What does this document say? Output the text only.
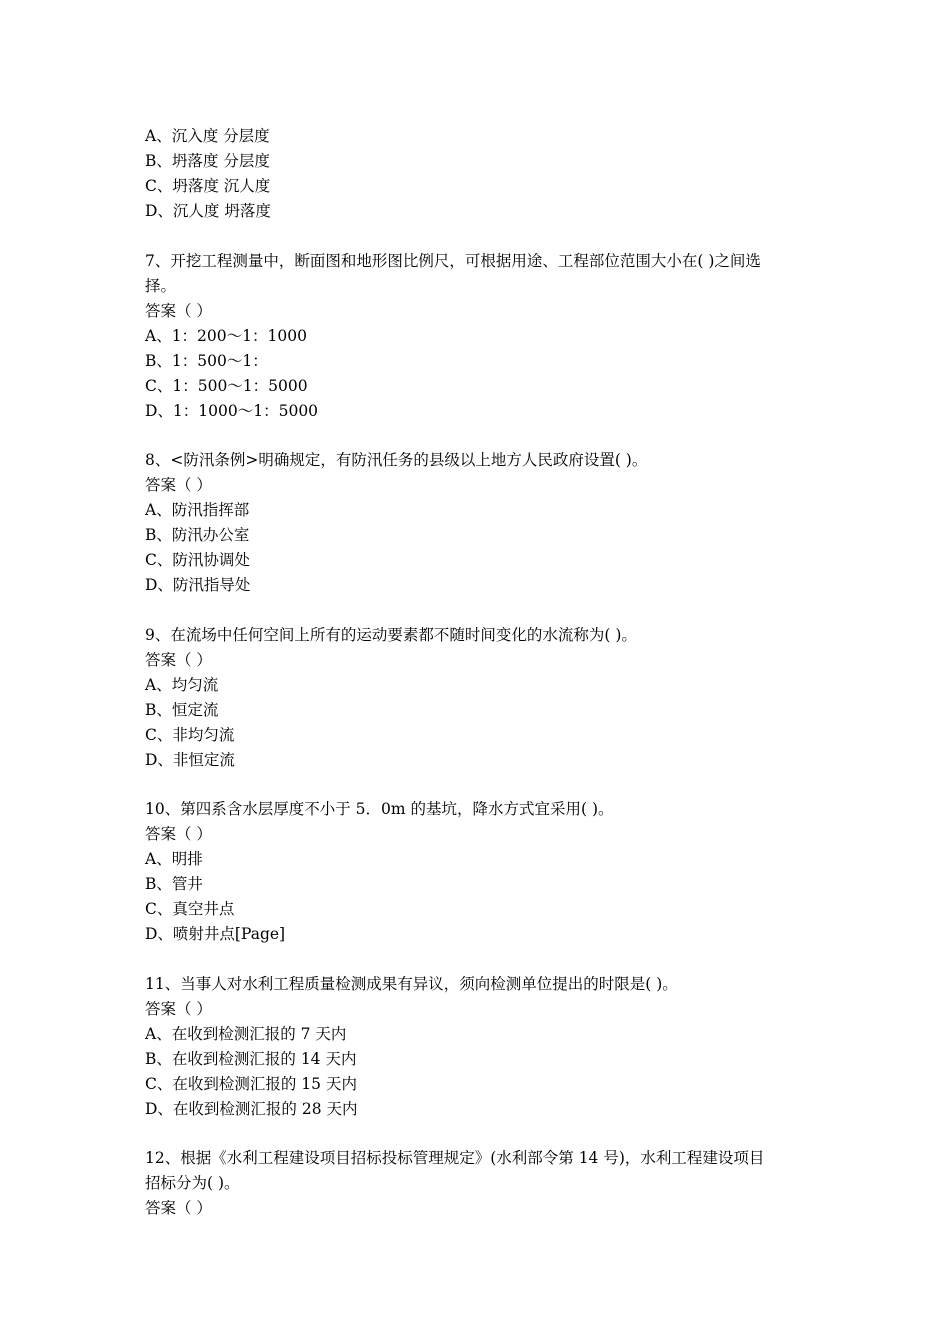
A、沉入度 分层度
B、坍落度 分层度
C、坍落度 沉人度
D、沉人度 坍落度
7、开挖工程测量中，断面图和地形图比例尺，可根据用途、工程部位范围大小在( )之间选
择。
答案（ ）
A、1：200～1：1000
B、1：500～1：
C、1：500～1：5000
D、1：1000～1：5000
8、<防汛条例>明确规定，有防汛任务的县级以上地方人民政府设置( )。
答案（ ）
A、防汛指挥部
B、防汛办公室
C、防汛协调处
D、防汛指导处
9、在流场中任何空间上所有的运动要素都不随时间变化的水流称为( )。
答案（ ）
A、均匀流
B、恒定流
C、非均匀流
D、非恒定流
10、第四系含水层厚度不小于 5．0m 的基坑，降水方式宜采用( )。
答案（ ）
A、明排
B、管井
C、真空井点
D、喷射井点[Page]
11、当事人对水利工程质量检测成果有异议，须向检测单位提出的时限是( )。
答案（ ）
A、在收到检测汇报的 7 天内
B、在收到检测汇报的 14 天内
C、在收到检测汇报的 15 天内
D、在收到检测汇报的 28 天内
12、根据《水利工程建设项目招标投标管理规定》(水利部令第 14 号)，水利工程建设项目
招标分为( )。
答案（ ）
